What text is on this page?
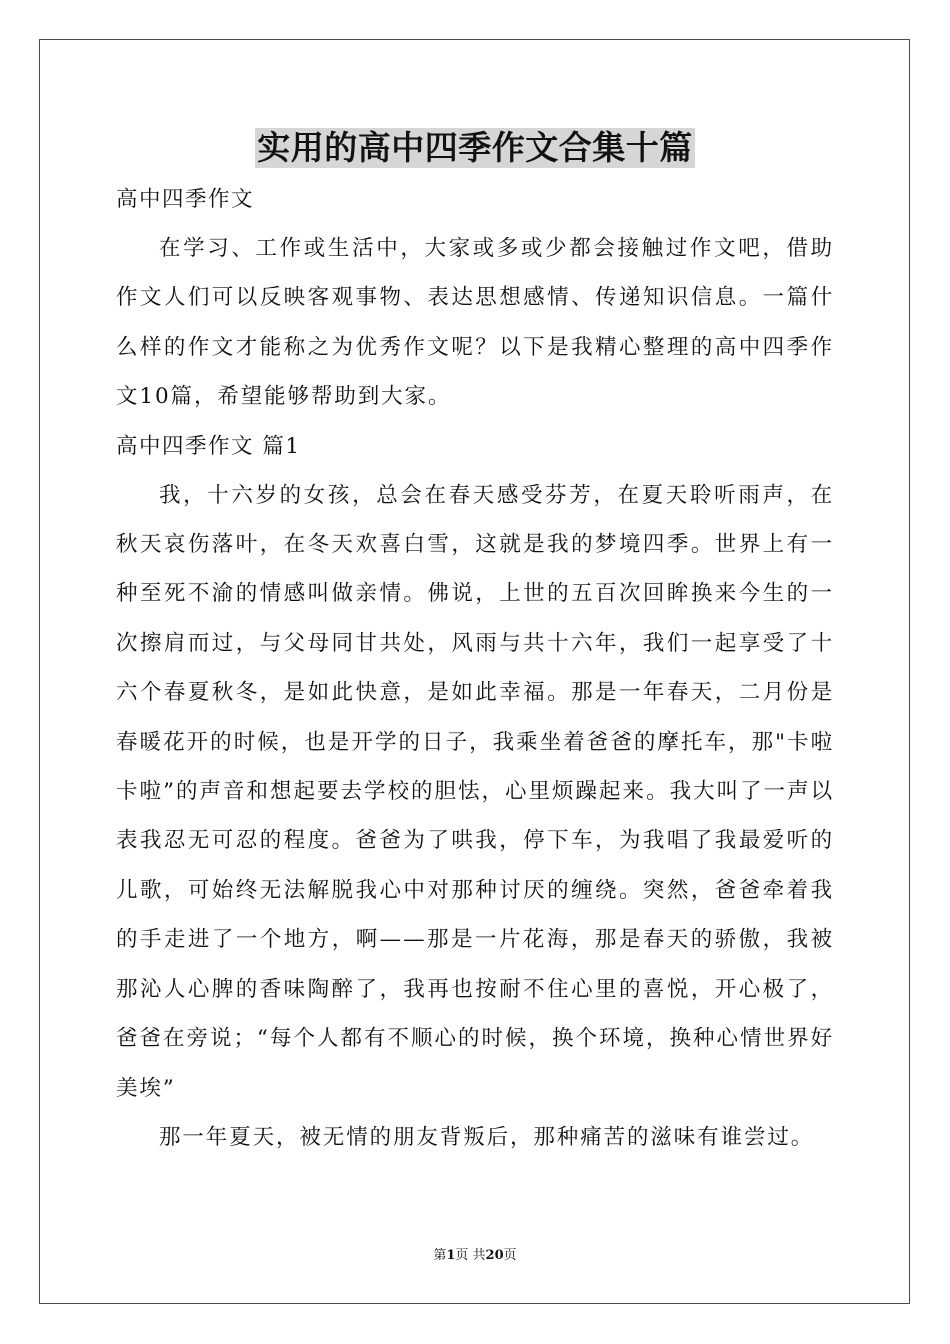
实用的高中四季作文合集十篇

高中四季作文

在学习、工作或生活中，大家或多或少都会接触过作文吧，借助作文人们可以反映客观事物、表达思想感情、传递知识信息。一篇什么样的作文才能称之为优秀作文呢？以下是我精心整理的高中四季作文10篇，希望能够帮助到大家。

高中四季作文 篇1

我，十六岁的女孩，总会在春天感受芬芳，在夏天聆听雨声，在秋天哀伤落叶，在冬天欢喜白雪，这就是我的梦境四季。世界上有一种至死不渝的情感叫做亲情。佛说，上世的五百次回眸换来今生的一次擦肩而过，与父母同甘共处，风雨与共十六年，我们一起享受了十六个春夏秋冬，是如此快意，是如此幸福。那是一年春天，二月份是春暖花开的时候，也是开学的日子，我乘坐着爸爸的摩托车，那"卡啦卡啦”的声音和想起要去学校的胆怯，心里烦躁起来。我大叫了一声以表我忍无可忍的程度。爸爸为了哄我，停下车，为我唱了我最爱听的儿歌，可始终无法解脱我心中对那种讨厌的缠绕。突然，爸爸牵着我的手走进了一个地方，啊——那是一片花海，那是春天的骄傲，我被那沁人心脾的香味陶醉了，我再也按耐不住心里的喜悦，开心极了，爸爸在旁说；“每个人都有不顺心的时候，换个环境，换种心情世界好美埃”

那一年夏天，被无情的朋友背叛后，那种痛苦的滋味有谁尝过。

第1页 共20页
